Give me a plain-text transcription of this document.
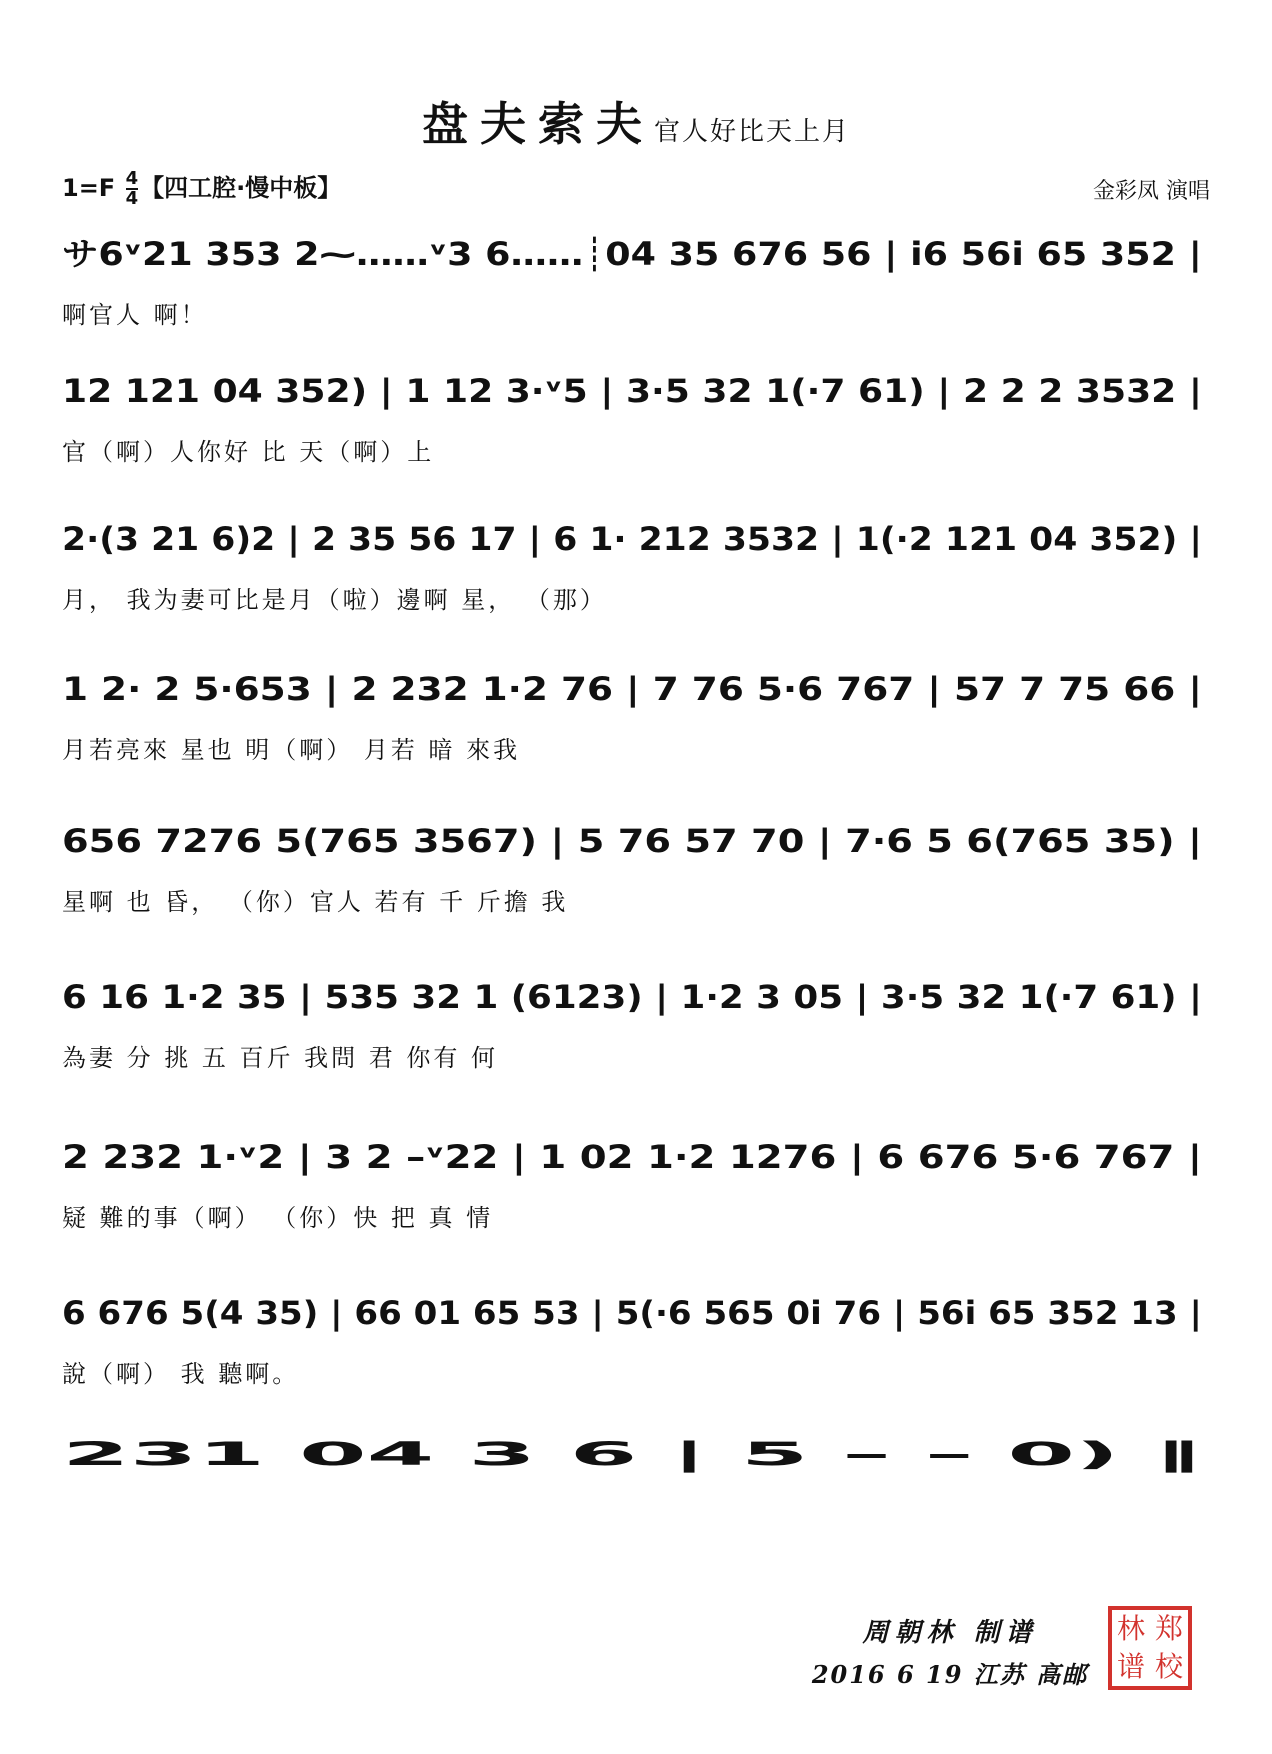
盘夫索夫官人好比天上月
$1=F \frac{4}{4}$ 【四工腔·慢中板】	金彩凤 演唱
サ6ᵛ21 353 2⁓……ᵛ3 6……┊04 35 676 56 | i6 56i 65 352 |
啊官人 啊！
12 121 04 352) | 1 12 3·ᵛ5 | 3·5 32 1(·7 61) | 2 2 2 3532 |
官（啊）人你好 比 天（啊）上
2·(3 21 6)2 | 2 35 56 17 | 6 1· 212 3532 | 1(·2 121 04 352) |
月， 我为妻可比是月（啦）邊啊 星， （那）
1 2· 2 5·653 | 2 232 1·2 76 | 7 76 5·6 767 | 57 7 75 66 |
月若亮來 星也 明（啊） 月若 暗 來我
656 7276 5(765 3567) | 5 76 57 70 | 7·6 5 6(765 35) |
星啊 也 昏， （你）官人 若有 千 斤擔 我
6 16 1·2 35 | 535 32 1 (6123) | 1·2 3 05 | 3·5 32 1(·7 61) |
為妻 分 挑 五 百斤 我問 君 你有 何
2 232 1·ᵛ2 | 3 2 –ᵛ22 | 1 02 1·2 1276 | 6 676 5·6 767 |
疑 難的事（啊） （你）快 把 真 情
6 676 5(4 35) | 66 01 65 53 | 5(·6 565 0i 76 | 56i 65 352 13 |
說（啊） 我 聽啊。
231 04 3 6 | 5 – – 0) ‖
周朝林 制谱
2016 6 19 江苏 高邮
林 郑
谱 校
